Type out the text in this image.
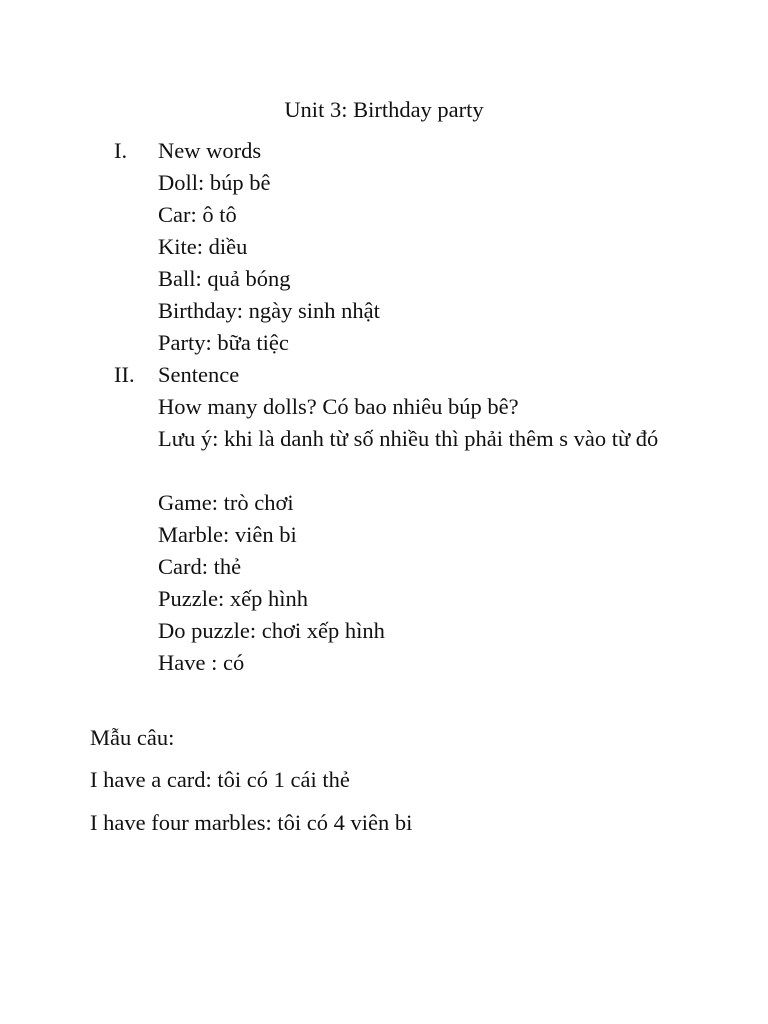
Unit 3: Birthday party
I. New words
Doll: búp bê
Car: ô tô
Kite: diều
Ball: quả bóng
Birthday: ngày sinh nhật
Party: bữa tiệc
II. Sentence
How many dolls? Có bao nhiêu búp bê?
Lưu ý: khi là danh từ số nhiều thì phải thêm s vào từ đó
Game: trò chơi
Marble: viên bi
Card: thẻ
Puzzle: xếp hình
Do puzzle: chơi xếp hình
Have : có
Mẫu câu:
I have a card: tôi có 1 cái thẻ
I have four marbles: tôi có 4 viên bi
